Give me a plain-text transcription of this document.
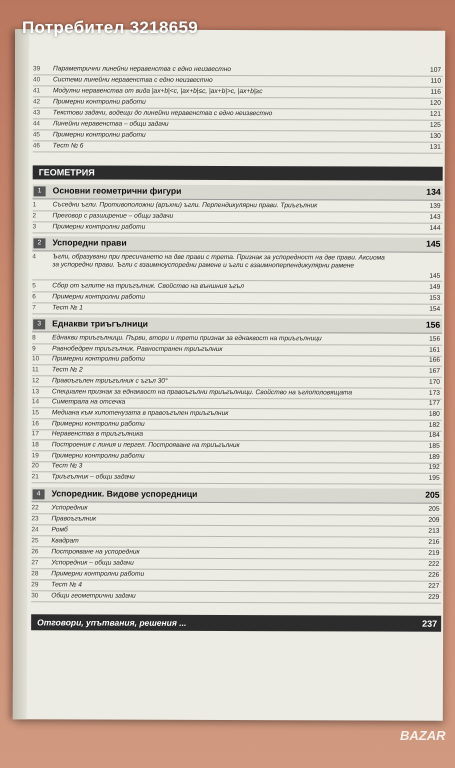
39	Параметрични линейни неравенства с едно неизвестно	107
40	Системи линейни неравенства с едно неизвестно	110
41	Модулни неравенства от вида |ax+b|<c, |ax+b|≤c, |ax+b|>c, |ax+b|≥c	116
42	Примерни контролни работи	120
43	Текстови задачи, водещи до линейни неравенства с едно неизвестно	121
44	Линейни неравенства – общи задачи	125
45	Примерни контролни работи	130
46	Тест № 6	131
ГЕОМЕТРИЯ
1	Основни геометрични фигури	134
1	Съседни ъгли. Противоположни (връхни) ъгли. Перпендикулярни прави. Триъгълник	139
2	Преговор с разширение – общи задачи	143
3	Примерни контролни работи	144
2	Успоредни прави	145
4	Ъгли, образувани при пресичането на две прави с трета. Признак за успоредност на две прави. Аксиома за успоредни прави. Ъгли с взаимноуспоредни рамене и ъгли с взаимноперпендикулярни рамене
145
5	Сбор от ъглите на триъгълник. Свойство на външния ъгъл	149
6	Примерни контролни работи	153
7	Тест № 1	154
3	Еднакви триъгълници	156
8	Еднакви триъгълници. Първи, втори и трети признак за еднаквост на триъгълници	156
9	Равнобедрен триъгълник. Равностранен триъгълник	161
10	Примерни контролни работи	166
11	Тест № 2	167
12	Правоъгълен триъгълник с ъгъл 30°	170
13	Специален признак за еднаквост на правоъгълни триъгълници. Свойство на ъглополовящата	173
14	Симетрала на отсечка	177
15	Медиана към хипотенузата в правоъгълен триъгълник	180
16	Примерни контролни работи	182
17	Неравенства в триъгълника	184
18	Построения с линия и пергел. Построяване на триъгълник	185
19	Примерни контролни работи	189
20	Тест № 3	192
21	Триъгълник – общи задачи	195
4	Успоредник. Видове успоредници	205
22	Успоредник	205
23	Правоъгълник	209
24	Ромб	213
25	Квадрат	216
26	Построяване на успоредник	219
27	Успоредник – общи задачи	222
28	Примерни контролни работи	226
29	Тест № 4	227
30	Общи геометрични задачи	229
Отговори, упътвания, решения ...	237
Потребител 3218659
BAZAR
